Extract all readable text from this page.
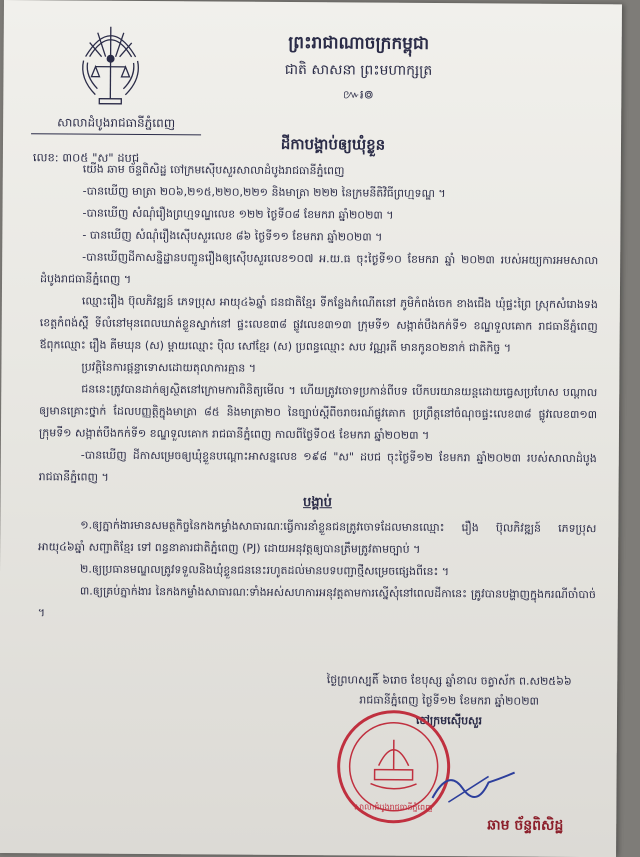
សាលាដំបូងរាជធានីភ្នំពេញ
លេខ: ៣០៥ "ស" ដបជ
ព្រះរាជាណាចក្រកម្ពុជា
ជាតិ សាសនា ព្រះមហាក្សត្រ
៚៛៙
ដីកាបង្គាប់ឲ្យឃុំខ្លួន

យើង ឆាម ច័ន្ទពិសិដ្ឋ ចៅក្រមស៊ើបសួរសាលាដំបូងរាជធានីភ្នំពេញ

-បានឃើញ មាត្រា ២០៦,២១៥,២២០,២២១ និងមាត្រា ២២២ នៃក្រមនីតិវិធីព្រហ្មទណ្ឌ ។

-បានឃើញ សំណុំរឿងព្រហ្មទណ្ឌលេខ ១២២ ថ្ងៃទី០៨ ខែមករា ឆ្នាំ២០២៣ ។

- បានឃើញ សំណុំរឿងស៊ើបសួរលេខ ៨៦ ថ្ងៃទី១១ ខែមករា ឆ្នាំ២០២៣ ។

-បានឃើញដីកាសន្និដ្ឋានបញ្ជូនរឿងឲ្យស៊ើបសួរលេខ១០៧ អ.យ.ធ ចុះថ្ងៃទី១០ ខែមករា ឆ្នាំ ២០២៣ របស់អយ្យការអមសាលាដំបូងរាជធានីភ្នំពេញ ។

ឈ្មោះរឿង ប៊ុលភិវឌ្ឍន៍ ភេទប្រុស អាយុ៤៦ឆ្នាំ ជនជាតិខ្មែរ ទីកន្លែងកំណើតនៅ ភូមិកំពង់ចេក ខាងជើង ឃុំផ្ទះព្រៃ ស្រុកសំរោងទង ខេត្តកំពង់ស្ពឺ ទីលំនៅមុនពេលឃាត់ខ្លួនស្នាក់នៅ ផ្ទះលេខ៣៨ ផ្លូវលេខ៣១៣ ក្រុមទី១ សង្កាត់បឹងកក់ទី១ ខណ្ឌទួលគោក រាជធានីភ្នំពេញ ឪពុកឈ្មោះ រឿង គីមឃុន (ស) ម្ដាយឈ្មោះ ប៉ិល សៅខ្មែរ (ស) ប្រពន្ធឈ្មោះ សប វណ្ណរតី មានកូន០២នាក់ ជាតិកិច្ច ។

ប្រវត្តិនៃការផ្ដន្ទាទោសដោយតុលាការគ្មាន ។

ជននេះត្រូវបានដាក់ឲ្យស្ថិតនៅក្រោមការពិនិត្យមើល ។ ហើយត្រូវចោទប្រកាន់ពីបទ បើកបរយានយន្តដោយធ្វេសប្រហែស បណ្ដាលឲ្យមានគ្រោះថ្នាក់ ដែលបញ្ញត្តិក្នុងមាត្រា ៨៥ និងមាត្រា២០ នៃច្បាប់ស្ដីពីចរាចរណ៍ផ្លូវគោក ប្រព្រឹត្តនៅចំណុចផ្ទះលេខ៣៨ ផ្លូវលេខ៣១៣ ក្រុមទី១ សង្កាត់បឹងកក់ទី១ ខណ្ឌទួលគោក រាជធានីភ្នំពេញ កាលពីថ្ងៃទី០៥ ខែមករា ឆ្នាំ២០២៣ ។

-បានឃើញ ដីកាសម្រេចឲ្យឃុំខ្លួនបណ្ដោះអាសន្នលេខ ១៩៨ "ស" ដបជ ចុះថ្ងៃទី១២ ខែមករា ឆ្នាំ២០២៣ របស់សាលាដំបូងរាជធានីភ្នំពេញ ។

បង្គាប់

១.ឲ្យភ្នាក់ងារមានសមត្ថកិច្ចនៃកងកម្លាំងសាធារណៈធ្វើការនាំខ្លួនជនត្រូវចោទដែលមានឈ្មោះ រឿង ប៊ុលភិវឌ្ឍន៍ ភេទប្រុស អាយុ៤៦ឆ្នាំ សញ្ជាតិខ្មែរ ទៅ ពន្ធនាគារជាតិភ្នំពេញ (PJ) ដោយអនុវត្តឲ្យបានត្រឹមត្រូវតាមច្បាប់ ។

២.ឲ្យប្រធានមណ្ឌលត្រូវទទួលនិងឃុំខ្លួនជននេះរហូតដល់មានបទបញ្ជាថ្មីសម្រេចផ្សេងពីនេះ ។

៣.ឲ្យគ្រប់ភ្នាក់ងារ នៃកងកម្លាំងសាធារណៈទាំងអស់សហការអនុវត្តតាមការស្នើសុំនៅពេលដីកានេះ ត្រូវបានបង្ហាញក្នុងករណីចាំបាច់ ។

ថ្ងៃព្រហស្បតិ៍ ៦រោច ខែបុស្ស ឆ្នាំខាល ចត្វាស័ក ព.ស២៥៦៦
រាជធានីភ្នំពេញ ថ្ងៃទី១២ ខែមករា ឆ្នាំ២០២៣
ចៅក្រមស៊ើបសួរ
សាលាដំបូងរាជធានីភ្នំពេញ
ឆាម ច័ន្ទពិសិដ្ឋ
